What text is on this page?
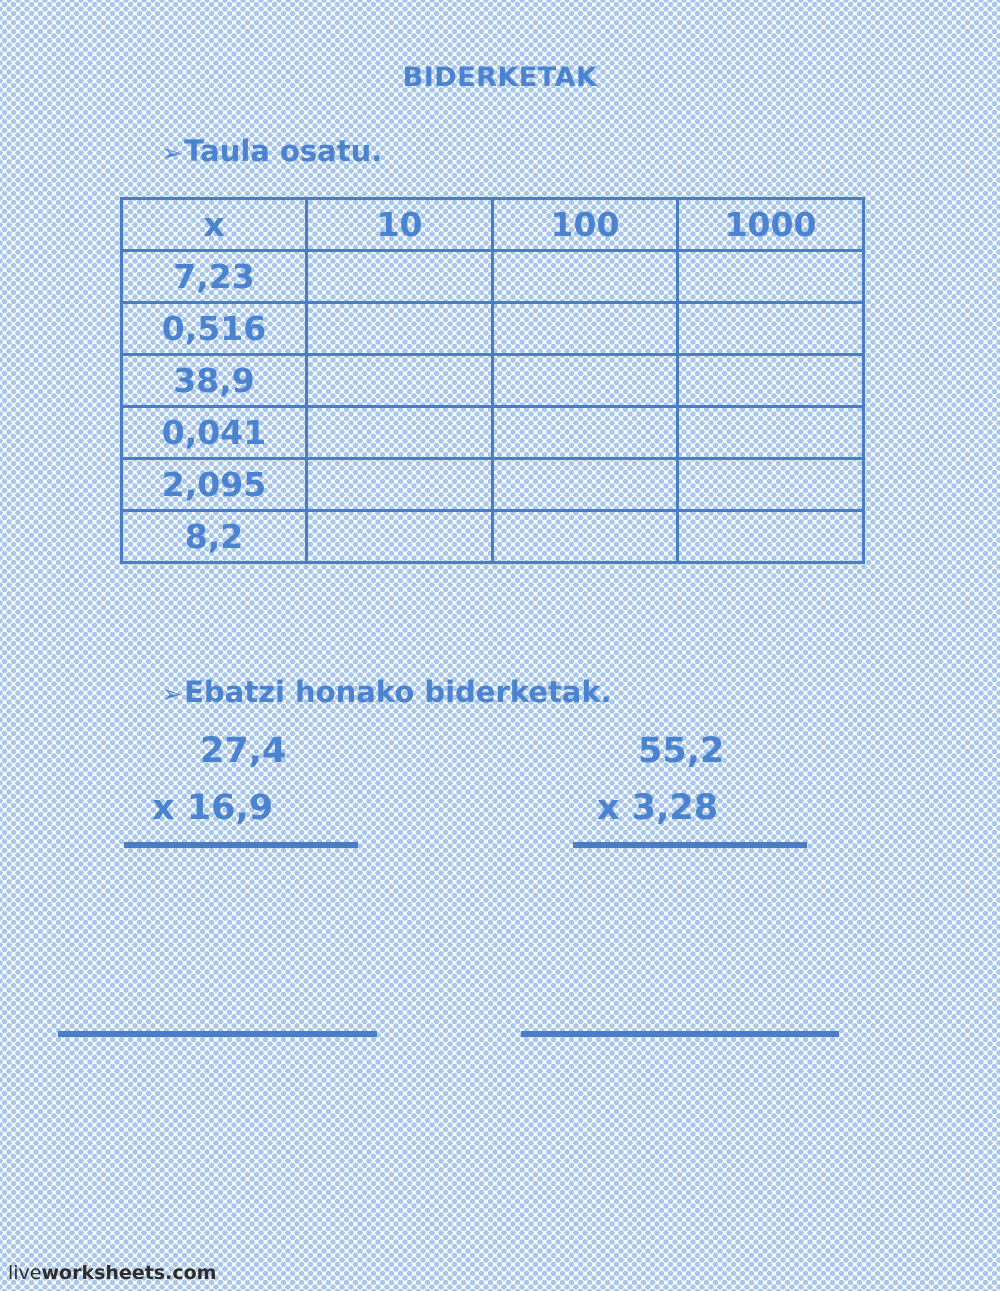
BIDERKETAK
➢Taula osatu.
x	10	100	1000
7,23			
0,516			
38,9			
0,041			
2,095			
8,2			
➢Ebatzi honako biderketak.
27,4
x 16,9
55,2
x 3,28
liveworksheets.com
